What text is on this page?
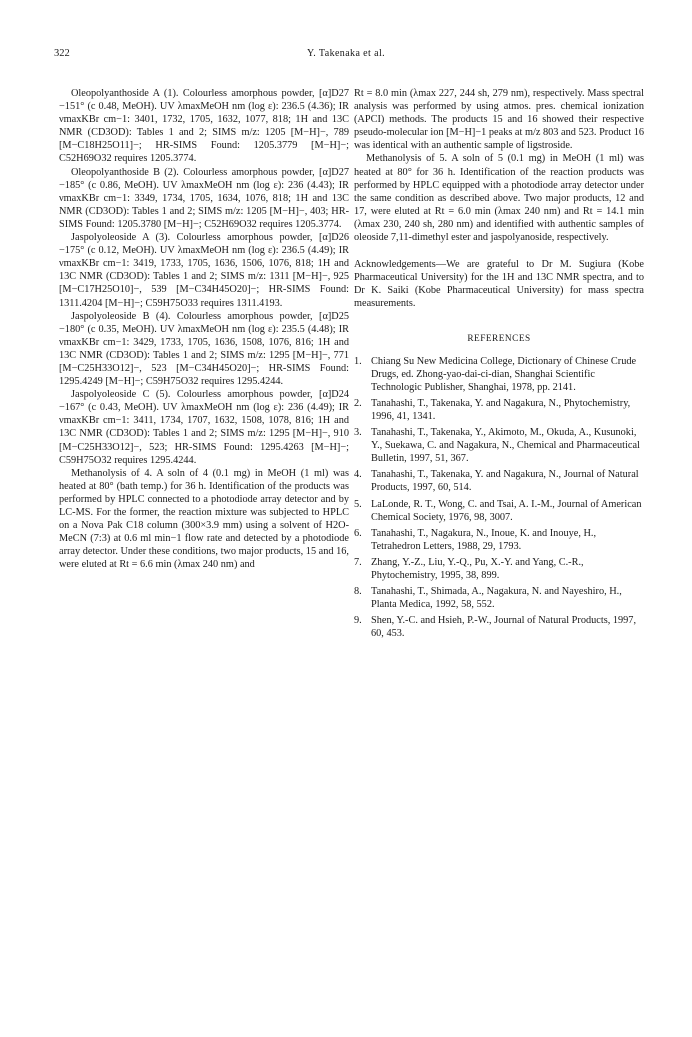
322	Y. Takenaka et al.

Oleopolyanthoside A (1). Colourless amorphous powder, [α]D27 −151° (c 0.48, MeOH). UV λmaxMeOH nm (log ε): 236.5 (4.36); IR νmaxKBr cm−1: 3401, 1732, 1705, 1632, 1077, 818; 1H and 13C NMR (CD3OD): Tables 1 and 2; SIMS m/z: 1205 [M−H]−, 789 [M−C18H25O11]−; HR-SIMS Found: 1205.3779 [M−H]−; C52H69O32 requires 1205.3774.

Oleopolyanthoside B (2). Colourless amorphous powder, [α]D27 −185° (c 0.86, MeOH). UV λmaxMeOH nm (log ε): 236 (4.43); IR νmaxKBr cm−1: 3349, 1734, 1705, 1634, 1076, 818; 1H and 13C NMR (CD3OD): Tables 1 and 2; SIMS m/z: 1205 [M−H]−, 403; HR-SIMS Found: 1205.3780 [M−H]−; C52H69O32 requires 1205.3774.

Jaspolyoleoside A (3). Colourless amorphous powder, [α]D26 −175° (c 0.12, MeOH). UV λmaxMeOH nm (log ε): 236.5 (4.49); IR νmaxKBr cm−1: 3419, 1733, 1705, 1636, 1506, 1076, 818; 1H and 13C NMR (CD3OD): Tables 1 and 2; SIMS m/z: 1311 [M−H]−, 925 [M−C17H25O10]−, 539 [M−C34H45O20]−; HR-SIMS Found: 1311.4204 [M−H]−; C59H75O33 requires 1311.4193.

Jaspolyoleoside B (4). Colourless amorphous powder, [α]D25 −180° (c 0.35, MeOH). UV λmaxMeOH nm (log ε): 235.5 (4.48); IR νmaxKBr cm−1: 3429, 1733, 1705, 1636, 1508, 1076, 816; 1H and 13C NMR (CD3OD): Tables 1 and 2; SIMS m/z: 1295 [M−H]−, 771 [M−C25H33O12]−, 523 [M−C34H45O20]−; HR-SIMS Found: 1295.4249 [M−H]−; C59H75O32 requires 1295.4244.

Jaspolyoleoside C (5). Colourless amorphous powder, [α]D24 −167° (c 0.43, MeOH). UV λmaxMeOH nm (log ε): 236 (4.49); IR νmaxKBr cm−1: 3411, 1734, 1707, 1632, 1508, 1078, 816; 1H and 13C NMR (CD3OD): Tables 1 and 2; SIMS m/z: 1295 [M−H]−, 910 [M−C25H33O12]−, 523; HR-SIMS Found: 1295.4263 [M−H]−; C59H75O32 requires 1295.4244.

Methanolysis of 4. A soln of 4 (0.1 mg) in MeOH (1 ml) was heated at 80° (bath temp.) for 36 h. Identification of the products was performed by HPLC connected to a photodiode array detector and by LC-MS. For the former, the reaction mixture was subjected to HPLC on a Nova Pak C18 column (300×3.9 mm) using a solvent of H2O-MeCN (7:3) at 0.6 ml min−1 flow rate and detected by a photodiode array detector. Under these conditions, two major products, 15 and 16, were eluted at Rt = 6.6 min (λmax 240 nm) and

Rt = 8.0 min (λmax 227, 244 sh, 279 nm), respectively. Mass spectral analysis was performed by using atmos. pres. chemical ionization (APCI) methods. The products 15 and 16 showed their respective pseudo-molecular ion [M−H]−1 peaks at m/z 803 and 523. Product 16 was identical with an authentic sample of ligstroside.

Methanolysis of 5. A soln of 5 (0.1 mg) in MeOH (1 ml) was heated at 80° for 36 h. Identification of the reaction products was performed by HPLC equipped with a photodiode array detector under the same condition as described above. Two major products, 12 and 17, were eluted at Rt = 6.0 min (λmax 240 nm) and Rt = 14.1 min (λmax 230, 240 sh, 280 nm) and identified with authentic samples of oleoside 7,11-dimethyl ester and jaspolyanoside, respectively.

Acknowledgements—We are grateful to Dr M. Sugiura (Kobe Pharmaceutical University) for the 1H and 13C NMR spectra, and to Dr K. Saiki (Kobe Pharmaceutical University) for mass spectra measurements.

REFERENCES
1. Chiang Su New Medicina College, Dictionary of Chinese Crude Drugs, ed. Zhong-yao-dai-ci-dian, Shanghai Scientific Technologic Publisher, Shanghai, 1978, pp. 2141.
2. Tanahashi, T., Takenaka, Y. and Nagakura, N., Phytochemistry, 1996, 41, 1341.
3. Tanahashi, T., Takenaka, Y., Akimoto, M., Okuda, A., Kusunoki, Y., Suekawa, C. and Nagakura, N., Chemical and Pharmaceutical Bulletin, 1997, 51, 367.
4. Tanahashi, T., Takenaka, Y. and Nagakura, N., Journal of Natural Products, 1997, 60, 514.
5. LaLonde, R. T., Wong, C. and Tsai, A. I.-M., Journal of American Chemical Society, 1976, 98, 3007.
6. Tanahashi, T., Nagakura, N., Inoue, K. and Inouye, H., Tetrahedron Letters, 1988, 29, 1793.
7. Zhang, Y.-Z., Liu, Y.-Q., Pu, X.-Y. and Yang, C.-R., Phytochemistry, 1995, 38, 899.
8. Tanahashi, T., Shimada, A., Nagakura, N. and Nayeshiro, H., Planta Medica, 1992, 58, 552.
9. Shen, Y.-C. and Hsieh, P.-W., Journal of Natural Products, 1997, 60, 453.
